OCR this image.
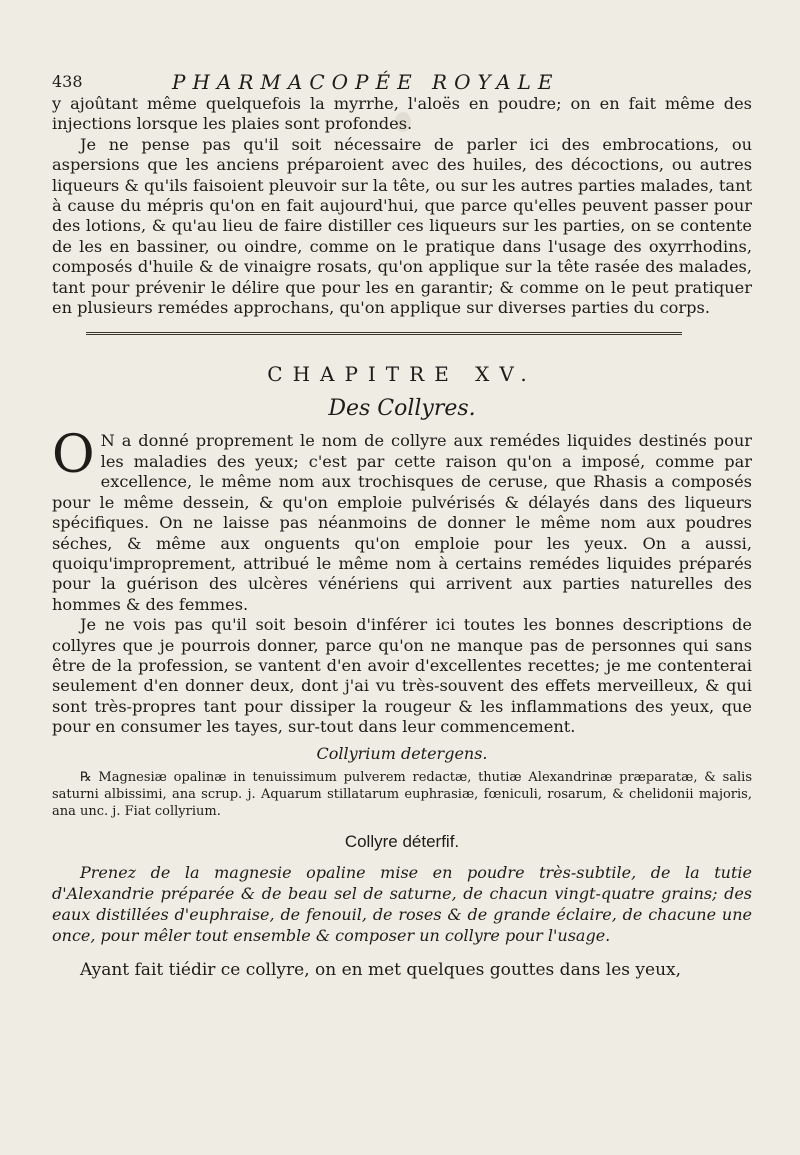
438	PHARMACOPÉE ROYALE

y ajoûtant même quelquefois la myrrhe, l'aloës en poudre; on en fait même des injections lorsque les plaies sont profondes.

Je ne pense pas qu'il soit nécessaire de parler ici des embrocations, ou aspersions que les anciens préparoient avec des huiles, des décoctions, ou autres liqueurs & qu'ils faisoient pleuvoir sur la tête, ou sur les autres parties malades, tant à cause du mépris qu'on en fait aujourd'hui, que parce qu'elles peuvent passer pour des lotions, & qu'au lieu de faire distiller ces liqueurs sur les parties, on se contente de les en bassiner, ou oindre, comme on le pratique dans l'usage des oxyrrhodins, composés d'huile & de vinaigre rosats, qu'on applique sur la tête rasée des malades, tant pour prévenir le délire que pour les en garantir; & comme on le peut pratiquer en plusieurs remédes approchans, qu'on applique sur diverses parties du corps.

CHAPITRE XV.
Des Collyres.

O N a donné proprement le nom de collyre aux remédes liquides destinés pour les maladies des yeux; c'est par cette raison qu'on a imposé, comme par excellence, le même nom aux trochisques de ceruse, que Rhasis a composés pour le même dessein, & qu'on emploie pulvérisés & délayés dans des liqueurs spécifiques. On ne laisse pas néanmoins de donner le même nom aux poudres séches, & même aux onguents qu'on emploie pour les yeux. On a aussi, quoiqu'improprement, attribué le même nom à certains remédes liquides préparés pour la guérison des ulcères vénériens qui arrivent aux parties naturelles des hommes & des femmes.

Je ne vois pas qu'il soit besoin d'inférer ici toutes les bonnes descriptions de collyres que je pourrois donner, parce qu'on ne manque pas de personnes qui sans être de la profession, se vantent d'en avoir d'excellentes recettes; je me contenterai seulement d'en donner deux, dont j'ai vu très-souvent des effets merveilleux, & qui sont très-propres tant pour dissiper la rougeur & les inflammations des yeux, que pour en consumer les tayes, sur-tout dans leur commencement.

Collyrium detergens.
℞ Magnesiæ opalinæ in tenuissimum pulverem redactæ, thutiæ Alexandrinæ præparatæ, & salis saturni albissimi, ana scrup. j. Aquarum stillatarum euphrasiæ, fœniculi, rosarum, & chelidonii majoris, ana unc. j. Fiat collyrium.
Collyre déterfif.

Prenez de la magnesie opaline mise en poudre très-subtile, de la tutie d'Alexandrie préparée & de beau sel de saturne, de chacun vingt-quatre grains; des eaux distillées d'euphraise, de fenouil, de roses & de grande éclaire, de chacune une once, pour mêler tout ensemble & composer un collyre pour l'usage.

Ayant fait tiédir ce collyre, on en met quelques gouttes dans les yeux,
